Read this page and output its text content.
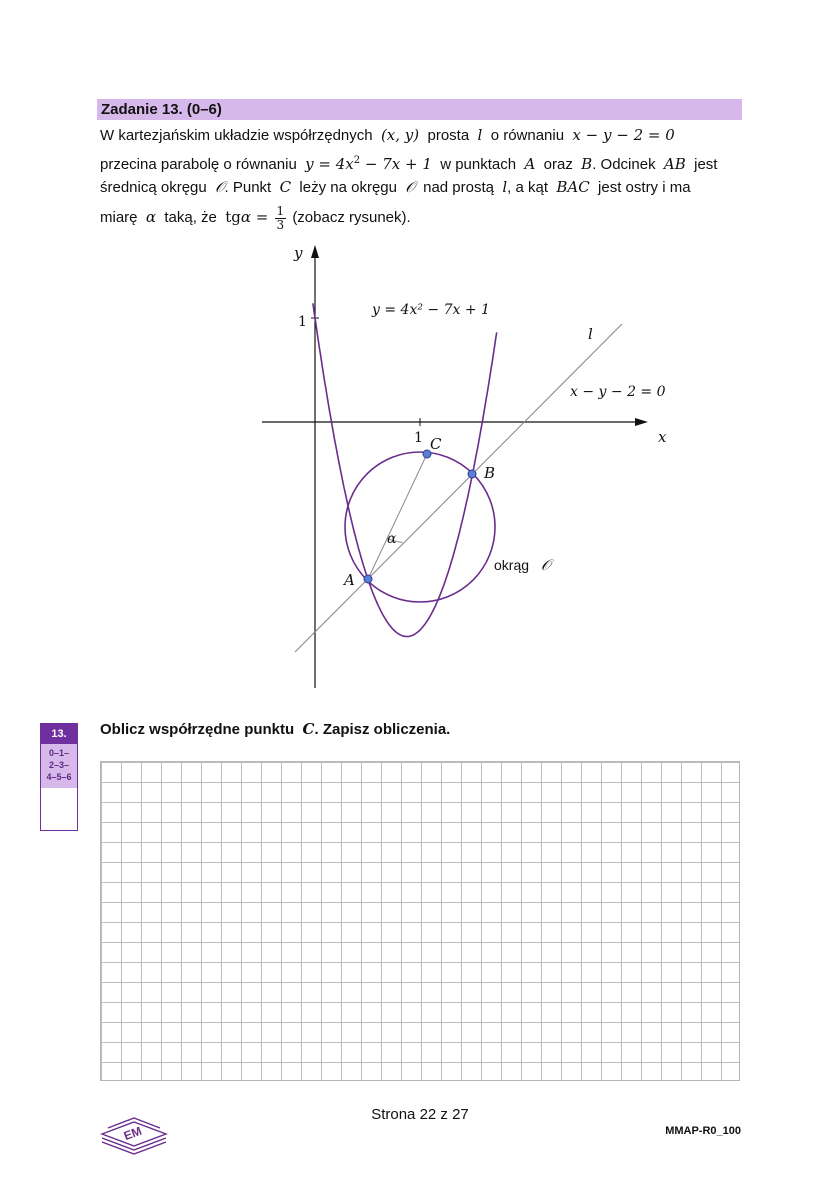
Zadanie 13. (0–6)
W kartezjańskim układzie współrzędnych (x, y) prosta l o równaniu x − y − 2 = 0
przecina parabolę o równaniu $y = 4x^2 - 7x + 1$ w punktach A oraz B. Odcinek AB jest
średnicą okręgu 𝒪. Punkt C leży na okręgu 𝒪 nad prostą l, a kąt BAC jest ostry i ma
miarę α taką, że $tg\alpha = \frac{1}{3}$ (zobacz rysunek).
y
x
1
1
y = 4x² − 7x + 1
l
x − y − 2 = 0
A
B
C
α
okrąg 𝒪
13.
0–1–
2–3–
4–5–6
Oblicz współrzędne punktu C. Zapisz obliczenia.
EM
Strona 22 z 27
MMAP-R0_100
